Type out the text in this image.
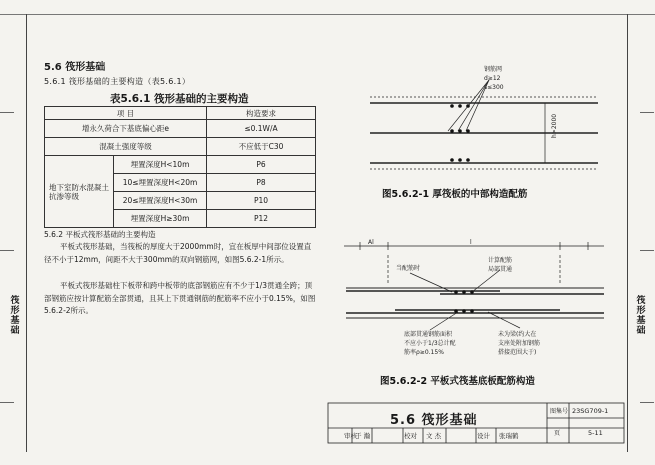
筏形基础
筏形基础
5.6 筏形基础
5.6.1 筏形基础的主要构造（表5.6.1）
表5.6.1 筏形基础的主要构造
项 目		构造要求
增永久荷合下基底偏心距e		≤0.1W/A
混凝土强度等级		不应低于C30
地下室防水混凝土抗渗等级	埋置深度H<10m	P6
	10≤埋置深度H<20m	P8
	20≤埋置深度H<30m	P10
	埋置深度H≥30m	P12
5.6.2 平板式筏形基础的主要构造
平板式筏形基础，当筏板的厚度大于2000mm时，宜在板厚中间部位设置直径不小于12mm，间距不大于300mm的双向钢筋网，如图5.6.2-1所示。
平板式筏形基础柱下板带和跨中板带的底部钢筋应有不少于1/3贯通全跨；顶部钢筋应按计算配筋全部贯通，且其上下贯通钢筋的配筋率不应小于0.15%，如图5.6.2-2所示。
钢筋网
d≥12
s≤300
h>2000
图5.6.2-1 厚筏板的中部构造配筋
Al	l
当配筋时
计算配筋
局部贯通
底部贯通钢筋面积
不应小于1/3总计配
筋率ρ≥0.15%
未为梁(约大在
支座处附加钢筋
搭接范围大于)
图5.6.2-2 平板式筏基底板配筋构造
审核
于 瀚	校对 文 杰	设计 张瑞鹤
图集号 23SG709-1
页	5-11
5.6 筏形基础
